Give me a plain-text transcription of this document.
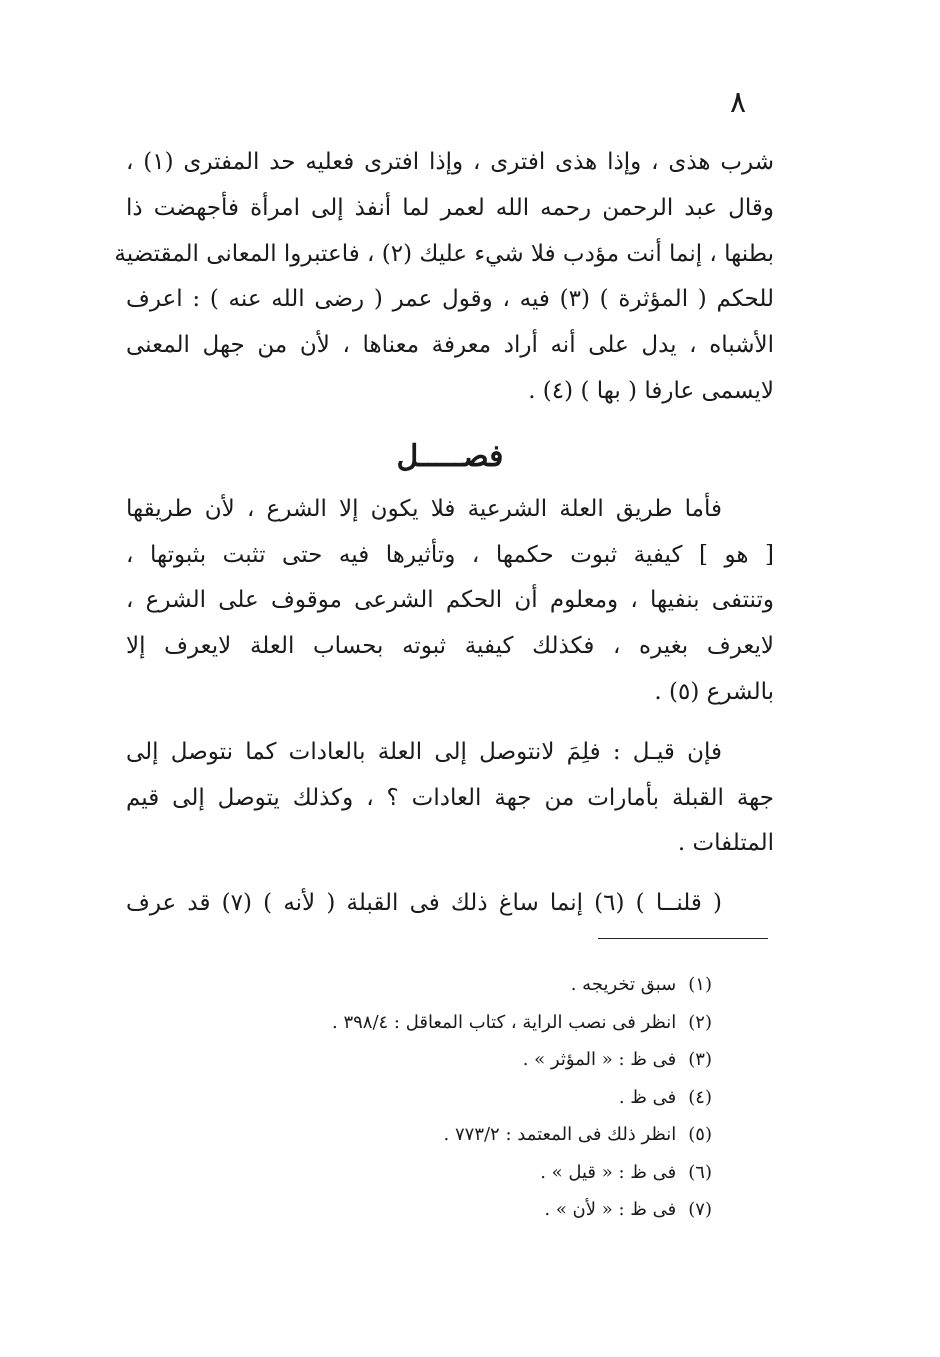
٨

شرب هذى ، وإذا هذى افترى ، وإذا افترى فعليه حد المفترى (١) ،
وقال عبد الرحمن رحمه الله لعمر لما أنفذ إلى امرأة فأجهضت ذا
بطنها ، إنما أنت مؤدب فلا شيء عليك (٢) ، فاعتبروا المعانى المقتضية
للحكم ( المؤثرة ) (٣) فيه ، وقول عمر ( رضى الله عنه ) : اعرف
الأشباه ، يدل على أنه أراد معرفة معناها ، لأن من جهل المعنى
لايسمى عارفا ( بها ) (٤) .

فصـــــل

فأما طريق العلة الشرعية فلا يكون إلا الشرع ، لأن طريقها
[ هو ] كيفية ثبوت حكمها ، وتأثيرها فيه حتى تثبت بثبوتها ،
وتنتفى بنفيها ، ومعلوم أن الحكم الشرعى موقوف على الشرع ،
لايعرف بغيره ، فكذلك كيفية ثبوته بحساب العلة لايعرف إلا
بالشرع (٥) .

فإن قيـل : فلِمَ لانتوصل إلى العلة بالعادات كما نتوصل إلى
جهة القبلة بأمارات من جهة العادات ؟ ، وكذلك يتوصل إلى قيم
المتلفات .

( قلنــا ) (٦) إنما ساغ ذلك فى القبلة ( لأنه ) (٧) قد عرف

(١) سبق تخريجه .
(٢) انظر فى نصب الراية ، كتاب المعاقل : ٣٩٨/٤ .
(٣) فى ظ : « المؤثر » .
(٤) فى ظ .
(٥) انظر ذلك فى المعتمد : ٧٧٣/٢ .
(٦) فى ظ : « قيل » .
(٧) فى ظ : « لأن » .
